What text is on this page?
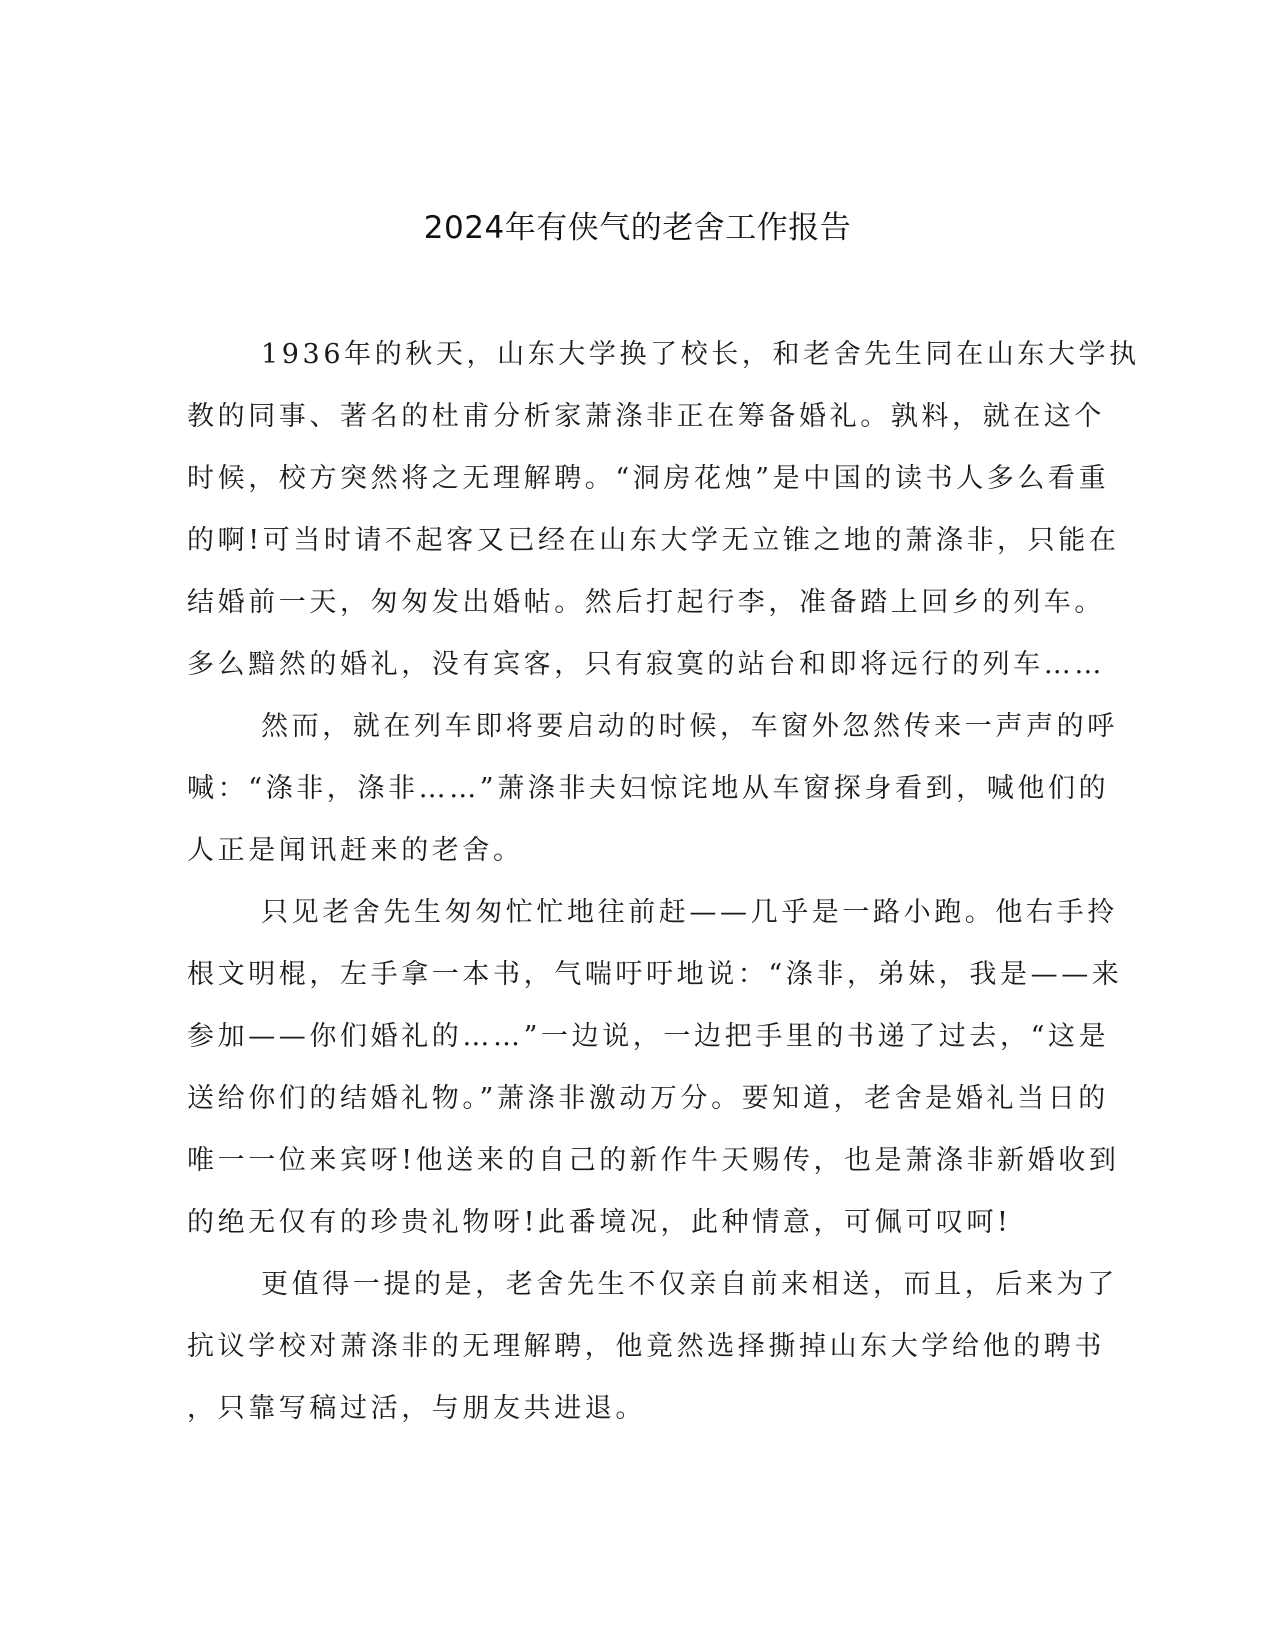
2024年有侠气的老舍工作报告
1936年的秋天，山东大学换了校长，和老舍先生同在山东大学执
教的同事、著名的杜甫分析家萧涤非正在筹备婚礼。孰料，就在这个
时候，校方突然将之无理解聘。“洞房花烛”是中国的读书人多么看重
的啊!可当时请不起客又已经在山东大学无立锥之地的萧涤非，只能在
结婚前一天，匆匆发出婚帖。然后打起行李，准备踏上回乡的列车。
多么黯然的婚礼，没有宾客，只有寂寞的站台和即将远行的列车……
然而，就在列车即将要启动的时候，车窗外忽然传来一声声的呼
喊：“涤非，涤非……”萧涤非夫妇惊诧地从车窗探身看到，喊他们的
人正是闻讯赶来的老舍。
只见老舍先生匆匆忙忙地往前赶——几乎是一路小跑。他右手拎
根文明棍，左手拿一本书，气喘吁吁地说：“涤非，弟妹，我是——来
参加——你们婚礼的……”一边说，一边把手里的书递了过去，“这是
送给你们的结婚礼物。”萧涤非激动万分。要知道，老舍是婚礼当日的
唯一一位来宾呀!他送来的自己的新作牛天赐传，也是萧涤非新婚收到
的绝无仅有的珍贵礼物呀!此番境况，此种情意，可佩可叹呵!
更值得一提的是，老舍先生不仅亲自前来相送，而且，后来为了
抗议学校对萧涤非的无理解聘，他竟然选择撕掉山东大学给他的聘书
，只靠写稿过活，与朋友共进退。
